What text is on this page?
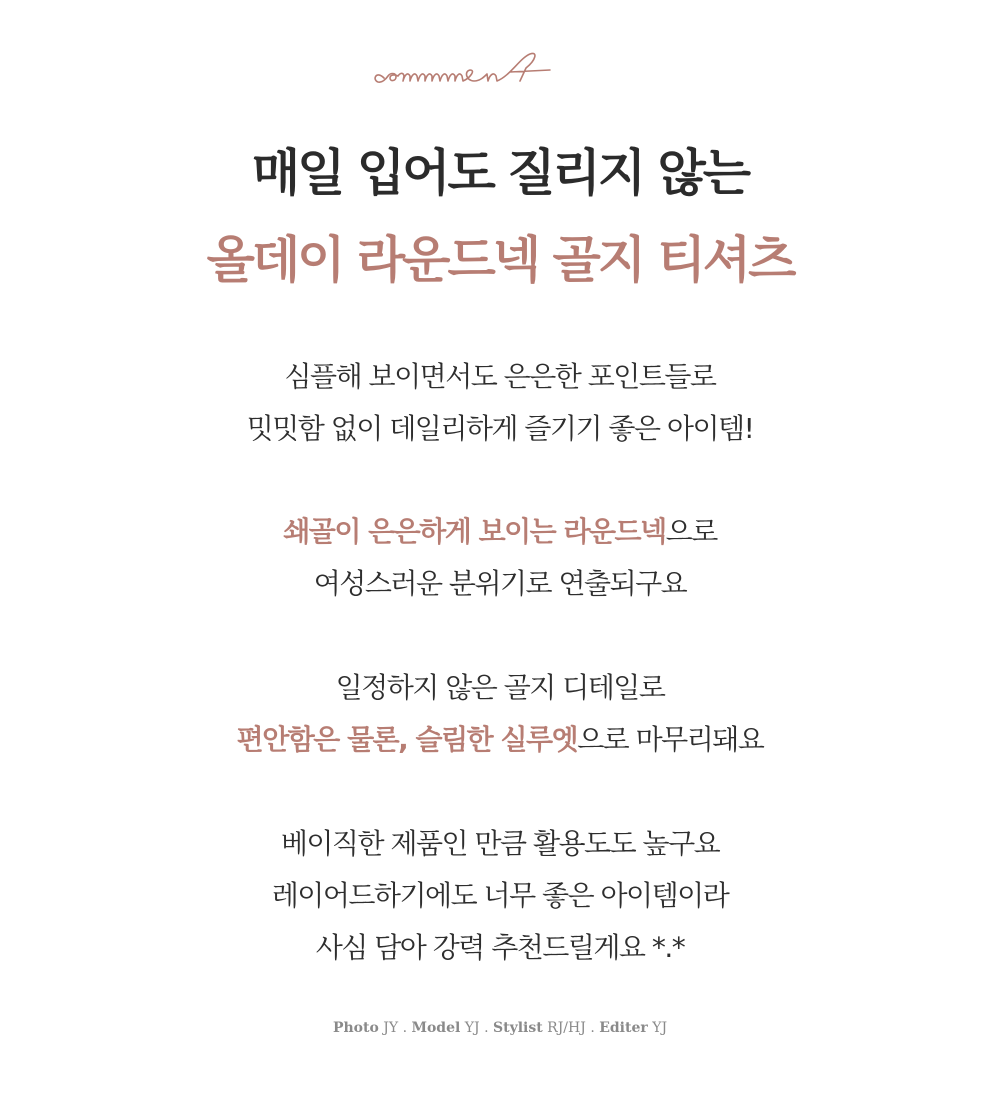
매일 입어도 질리지 않는
올데이 라운드넥 골지 티셔츠
심플해 보이면서도 은은한 포인트들로
밋밋함 없이 데일리하게 즐기기 좋은 아이템!
쇄골이 은은하게 보이는 라운드넥으로
여성스러운 분위기로 연출되구요
일정하지 않은 골지 디테일로
편안함은 물론, 슬림한 실루엣으로 마무리돼요
베이직한 제품인 만큼 활용도도 높구요
레이어드하기에도 너무 좋은 아이템이라
사심 담아 강력 추천드릴게요 *.*
Photo JY . Model YJ . Stylist RJ/HJ . Editer YJ
